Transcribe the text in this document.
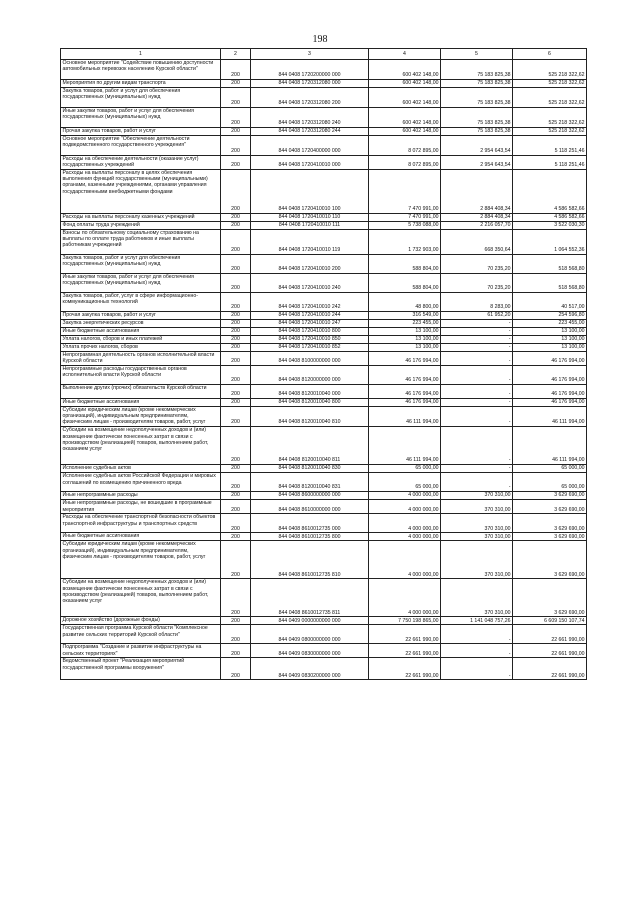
198
1	2	3	4	5	6
Основное мероприятие "Содействие повышению доступности автомобильных перевозок населению Курской области"	200	844 0408 1720200000 000	600 402 148,00	75 183 825,38	525 218 322,62
Мероприятия по другим видам транспорта	200	844 0408 1720312080 000	600 402 148,00	75 183 825,38	525 218 322,62
Закупка товаров, работ и услуг для обеспечения государственных (муниципальных) нужд	200	844 0408 1720312080 200	600 402 148,00	75 183 825,38	525 218 322,62
Иные закупки товаров, работ и услуг для обеспечения государственных (муниципальных) нужд	200	844 0408 1720312080 240	600 402 148,00	75 183 825,38	525 218 322,62
Прочая закупка товаров, работ и услуг	200	844 0408 1720312080 244	600 402 148,00	75 183 825,38	525 218 322,62
Основное мероприятие "Обеспечение деятельности подведомственного государственного учреждения"	200	844 0408 1720400000 000	8 072 895,00	2 954 643,54	5 118 251,46
Расходы на обеспечение деятельности (оказание услуг) государственных учреждений	200	844 0408 1720410010 000	8 072 895,00	2 954 643,54	5 118 251,46
Расходы на выплаты персоналу в целях обеспечения выполнения функций государственными (муниципальными) органами, казенными учреждениями, органами управления государственными внебюджетными фондами	200	844 0408 1720410010 100	7 470 991,00	2 884 408,34	4 586 582,66
Расходы на выплаты персоналу казенных учреждений	200	844 0408 1720410010 110	7 470 991,00	2 884 408,34	4 586 582,66
Фонд оплаты труда учреждений	200	844 0408 1720410010 111	5 738 088,00	2 216 057,70	3 522 030,30
Взносы по обязательному социальному страхованию на выплаты по оплате труда работников и иные выплаты работникам учреждений	200	844 0408 1720410010 119	1 732 903,00	668 350,64	1 064 552,36
Закупка товаров, работ и услуг для обеспечения государственных (муниципальных) нужд	200	844 0408 1720410010 200	588 804,00	70 235,20	518 568,80
Иные закупки товаров, работ и услуг для обеспечения государственных (муниципальных) нужд	200	844 0408 1720410010 240	588 804,00	70 235,20	518 568,80
Закупка товаров, работ, услуг в сфере информационно-коммуникационных технологий	200	844 0408 1720410010 242	48 800,00	8 283,00	40 517,00
Прочая закупка товаров, работ и услуг	200	844 0408 1720410010 244	316 549,00	61 952,20	254 596,80
Закупка энергетических ресурсов	200	844 0408 1720410010 247	223 455,00	-	223 455,00
Иные бюджетные ассигнования	200	844 0408 1720410010 800	13 100,00	-	13 100,00
Уплата налогов, сборов и иных платежей	200	844 0408 1720410010 850	13 100,00	-	13 100,00
Уплата прочих налогов, сборов	200	844 0408 1720410010 852	13 100,00	-	13 100,00
Непрограммная деятельность органов исполнительной власти Курской области	200	844 0408 8100000000 000	46 176 994,00	-	46 176 994,00
Непрограммные расходы государственных органов исполнительной власти Курской области	200	844 0408 8120000000 000	46 176 994,00	-	46 176 994,00
Выполнение других (прочих) обязательств Курской области	200	844 0408 8120010040 000	46 176 994,00	-	46 176 994,00
Иные бюджетные ассигнования	200	844 0408 8120010040 800	46 176 994,00	-	46 176 994,00
Субсидии юридическим лицам (кроме некоммерческих организаций), индивидуальным предпринимателям, физическим лицам - производителям товаров, работ, услуг	200	844 0408 8120010040 810	46 111 994,00	-	46 111 994,00
Субсидии на возмещение недополученных доходов и (или) возмещение фактически понесенных затрат в связи с производством (реализацией) товаров, выполнением работ, оказанием услуг	200	844 0408 8120010040 811	46 111 994,00	-	46 111 994,00
Исполнение судебных актов	200	844 0408 8120010040 830	65 000,00	-	65 000,00
Исполнение судебных актов Российской Федерации и мировых соглашений по возмещению причиненного вреда	200	844 0408 8120010040 831	65 000,00	-	65 000,00
Иные непрограммные расходы	200	844 0408 8600000000 000	4 000 000,00	370 310,00	3 629 690,00
Иные непрограммные расходы, не вошедшие в программные мероприятия	200	844 0408 8610000000 000	4 000 000,00	370 310,00	3 629 690,00
Расходы на обеспечение транспортной безопасности объектов транспортной инфраструктуры и транспортных средств	200	844 0408 8610012735 000	4 000 000,00	370 310,00	3 629 690,00
Иные бюджетные ассигнования	200	844 0408 8610012735 800	4 000 000,00	370 310,00	3 629 690,00
Субсидии юридическим лицам (кроме некоммерческих организаций), индивидуальным предпринимателям, физическим лицам - производителям товаров, работ, услуг	200	844 0408 8610012735 810	4 000 000,00	370 310,00	3 629 690,00
Субсидии на возмещение недополученных доходов и (или) возмещение фактически понесенных затрат в связи с производством (реализацией) товаров, выполнением работ, оказанием услуг	200	844 0408 8610012735 811	4 000 000,00	370 310,00	3 629 690,00
Дорожное хозяйство (дорожные фонды)	200	844 0409 0000000000 000	7 750 198 865,00	1 141 048 757,26	6 609 150 107,74
Государственная программа Курской области "Комплексное развитие сельских территорий Курской области"	200	844 0409 0800000000 000	22 661 990,00	-	22 661 990,00
Подпрограмма "Создание и развитие инфраструктуры на сельских территориях"	200	844 0409 0830000000 000	22 661 990,00	-	22 661 990,00
Ведомственный проект "Реализация мероприятий государственной программы вооружения"	200	844 0409 0830200000 000	22 661 990,00	-	22 661 990,00
